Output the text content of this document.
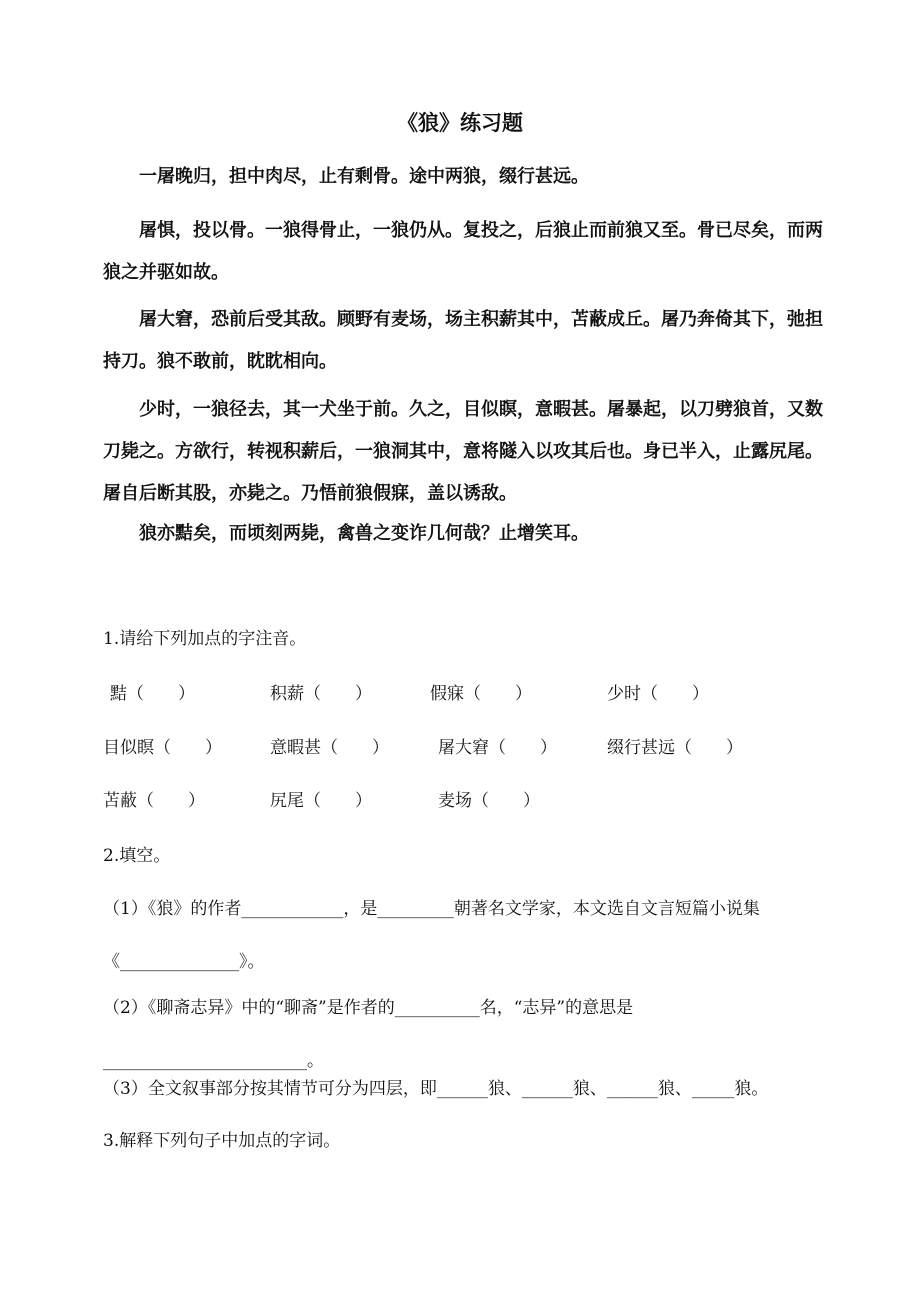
《狼》练习题

一屠晚归，担中肉尽，止有剩骨。途中两狼，缀行甚远。

屠惧，投以骨。一狼得骨止，一狼仍从。复投之，后狼止而前狼又至。骨已尽矣，而两狼之并驱如故。

屠大窘，恐前后受其敌。顾野有麦场，场主积薪其中，苫蔽成丘。屠乃奔倚其下，弛担持刀。狼不敢前，眈眈相向。

少时，一狼径去，其一犬坐于前。久之，目似瞑，意暇甚。屠暴起，以刀劈狼首，又数刀毙之。方欲行，转视积薪后，一狼洞其中，意将隧入以攻其后也。身已半入，止露尻尾。屠自后断其股，亦毙之。乃悟前狼假寐，盖以诱敌。

狼亦黠矣，而顷刻两毙，禽兽之变诈几何哉？止增笑耳。

1.请给下列加点的字注音。
黠（　　）	积薪（　　）	假寐（　　）	少时（　　）
目似瞑（　　）	意暇甚（　　）	屠大窘（　　）	缀行甚远（　　）
苫蔽（　　）	尻尾（　　）	麦场（　　）
2.填空。

（1）《狼》的作者____________，是_________朝著名文学家，本文选自文言短篇小说集《______________》。

（2）《聊斋志异》中的“聊斋”是作者的__________名，“志异”的意思是________________________。

（3）全文叙事部分按其情节可分为四层，即______狼、______狼、______狼、_____狼。
3.解释下列句子中加点的字词。
